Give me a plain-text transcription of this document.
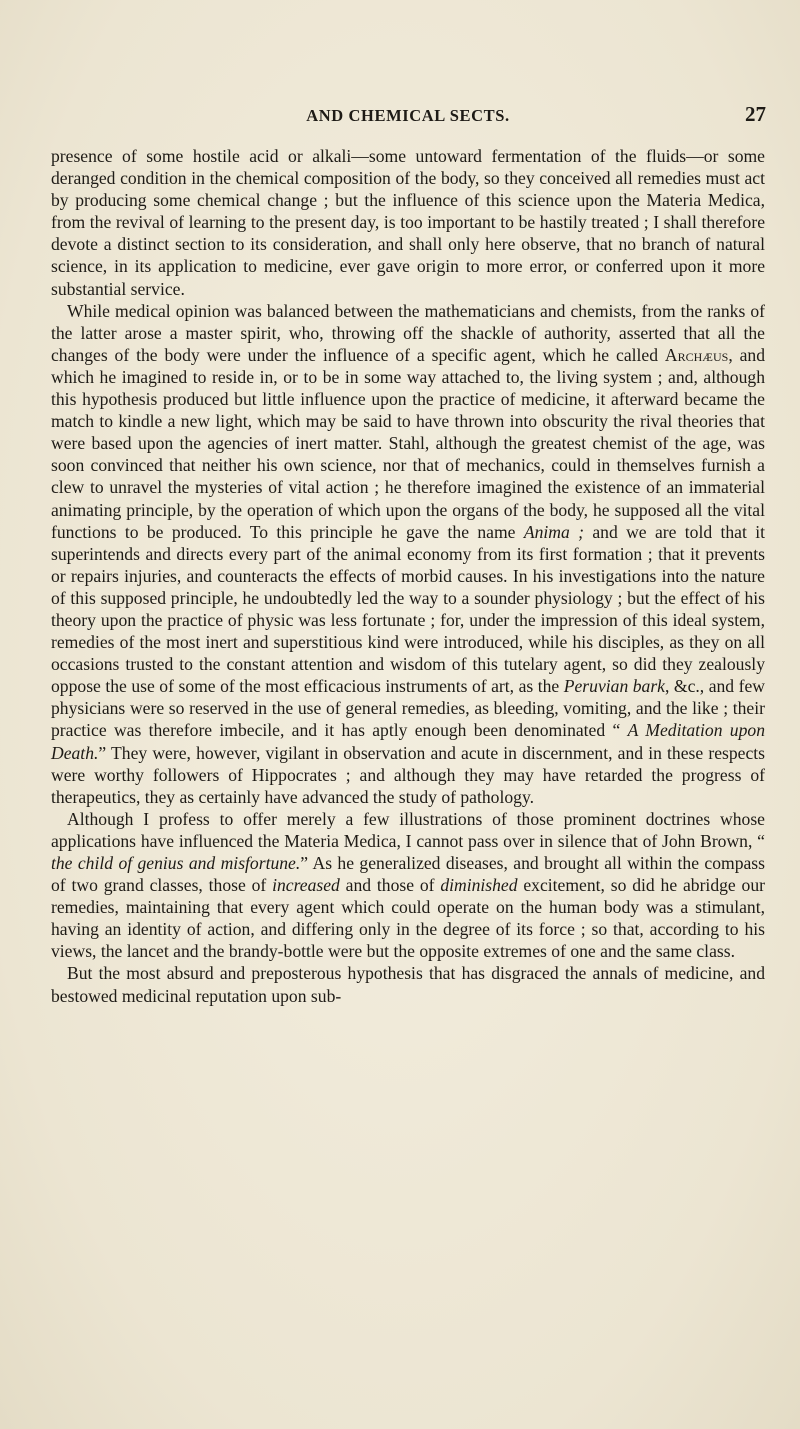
AND CHEMICAL SECTS.	27

presence of some hostile acid or alkali—some untoward fermentation of the fluids—or some deranged condition in the chemical composition of the body, so they conceived all remedies must act by producing some chemical change ; but the influence of this science upon the Materia Medica, from the revival of learning to the present day, is too important to be hastily treated ; I shall therefore devote a distinct section to its consideration, and shall only here observe, that no branch of natural science, in its application to medicine, ever gave origin to more error, or conferred upon it more substantial service.

While medical opinion was balanced between the mathematicians and chemists, from the ranks of the latter arose a master spirit, who, throwing off the shackle of authority, asserted that all the changes of the body were under the influence of a specific agent, which he called Archæus, and which he imagined to reside in, or to be in some way attached to, the living system ; and, although this hypothesis produced but little influence upon the practice of medicine, it afterward became the match to kindle a new light, which may be said to have thrown into obscurity the rival theories that were based upon the agencies of inert matter. Stahl, although the greatest chemist of the age, was soon convinced that neither his own science, nor that of mechanics, could in themselves furnish a clew to unravel the mysteries of vital action ; he therefore imagined the existence of an immaterial animating principle, by the operation of which upon the organs of the body, he supposed all the vital functions to be produced. To this principle he gave the name Anima ; and we are told that it superintends and directs every part of the animal economy from its first formation ; that it prevents or repairs injuries, and counteracts the effects of morbid causes. In his investigations into the nature of this supposed principle, he undoubtedly led the way to a sounder physiology ; but the effect of his theory upon the practice of physic was less fortunate ; for, under the impression of this ideal system, remedies of the most inert and superstitious kind were introduced, while his disciples, as they on all occasions trusted to the constant attention and wisdom of this tutelary agent, so did they zealously oppose the use of some of the most efficacious instruments of art, as the Peruvian bark, &c., and few physicians were so reserved in the use of general remedies, as bleeding, vomiting, and the like ; their practice was therefore imbecile, and it has aptly enough been denominated “ A Meditation upon Death.” They were, however, vigilant in observation and acute in discernment, and in these respects were worthy followers of Hippocrates ; and although they may have retarded the progress of therapeutics, they as certainly have advanced the study of pathology.

Although I profess to offer merely a few illustrations of those prominent doctrines whose applications have influenced the Materia Medica, I cannot pass over in silence that of John Brown, “ the child of genius and misfortune.” As he generalized diseases, and brought all within the compass of two grand classes, those of increased and those of diminished excitement, so did he abridge our remedies, maintaining that every agent which could operate on the human body was a stimulant, having an identity of action, and differing only in the degree of its force ; so that, according to his views, the lancet and the brandy-bottle were but the opposite extremes of one and the same class.

But the most absurd and preposterous hypothesis that has disgraced the annals of medicine, and bestowed medicinal reputation upon sub-
